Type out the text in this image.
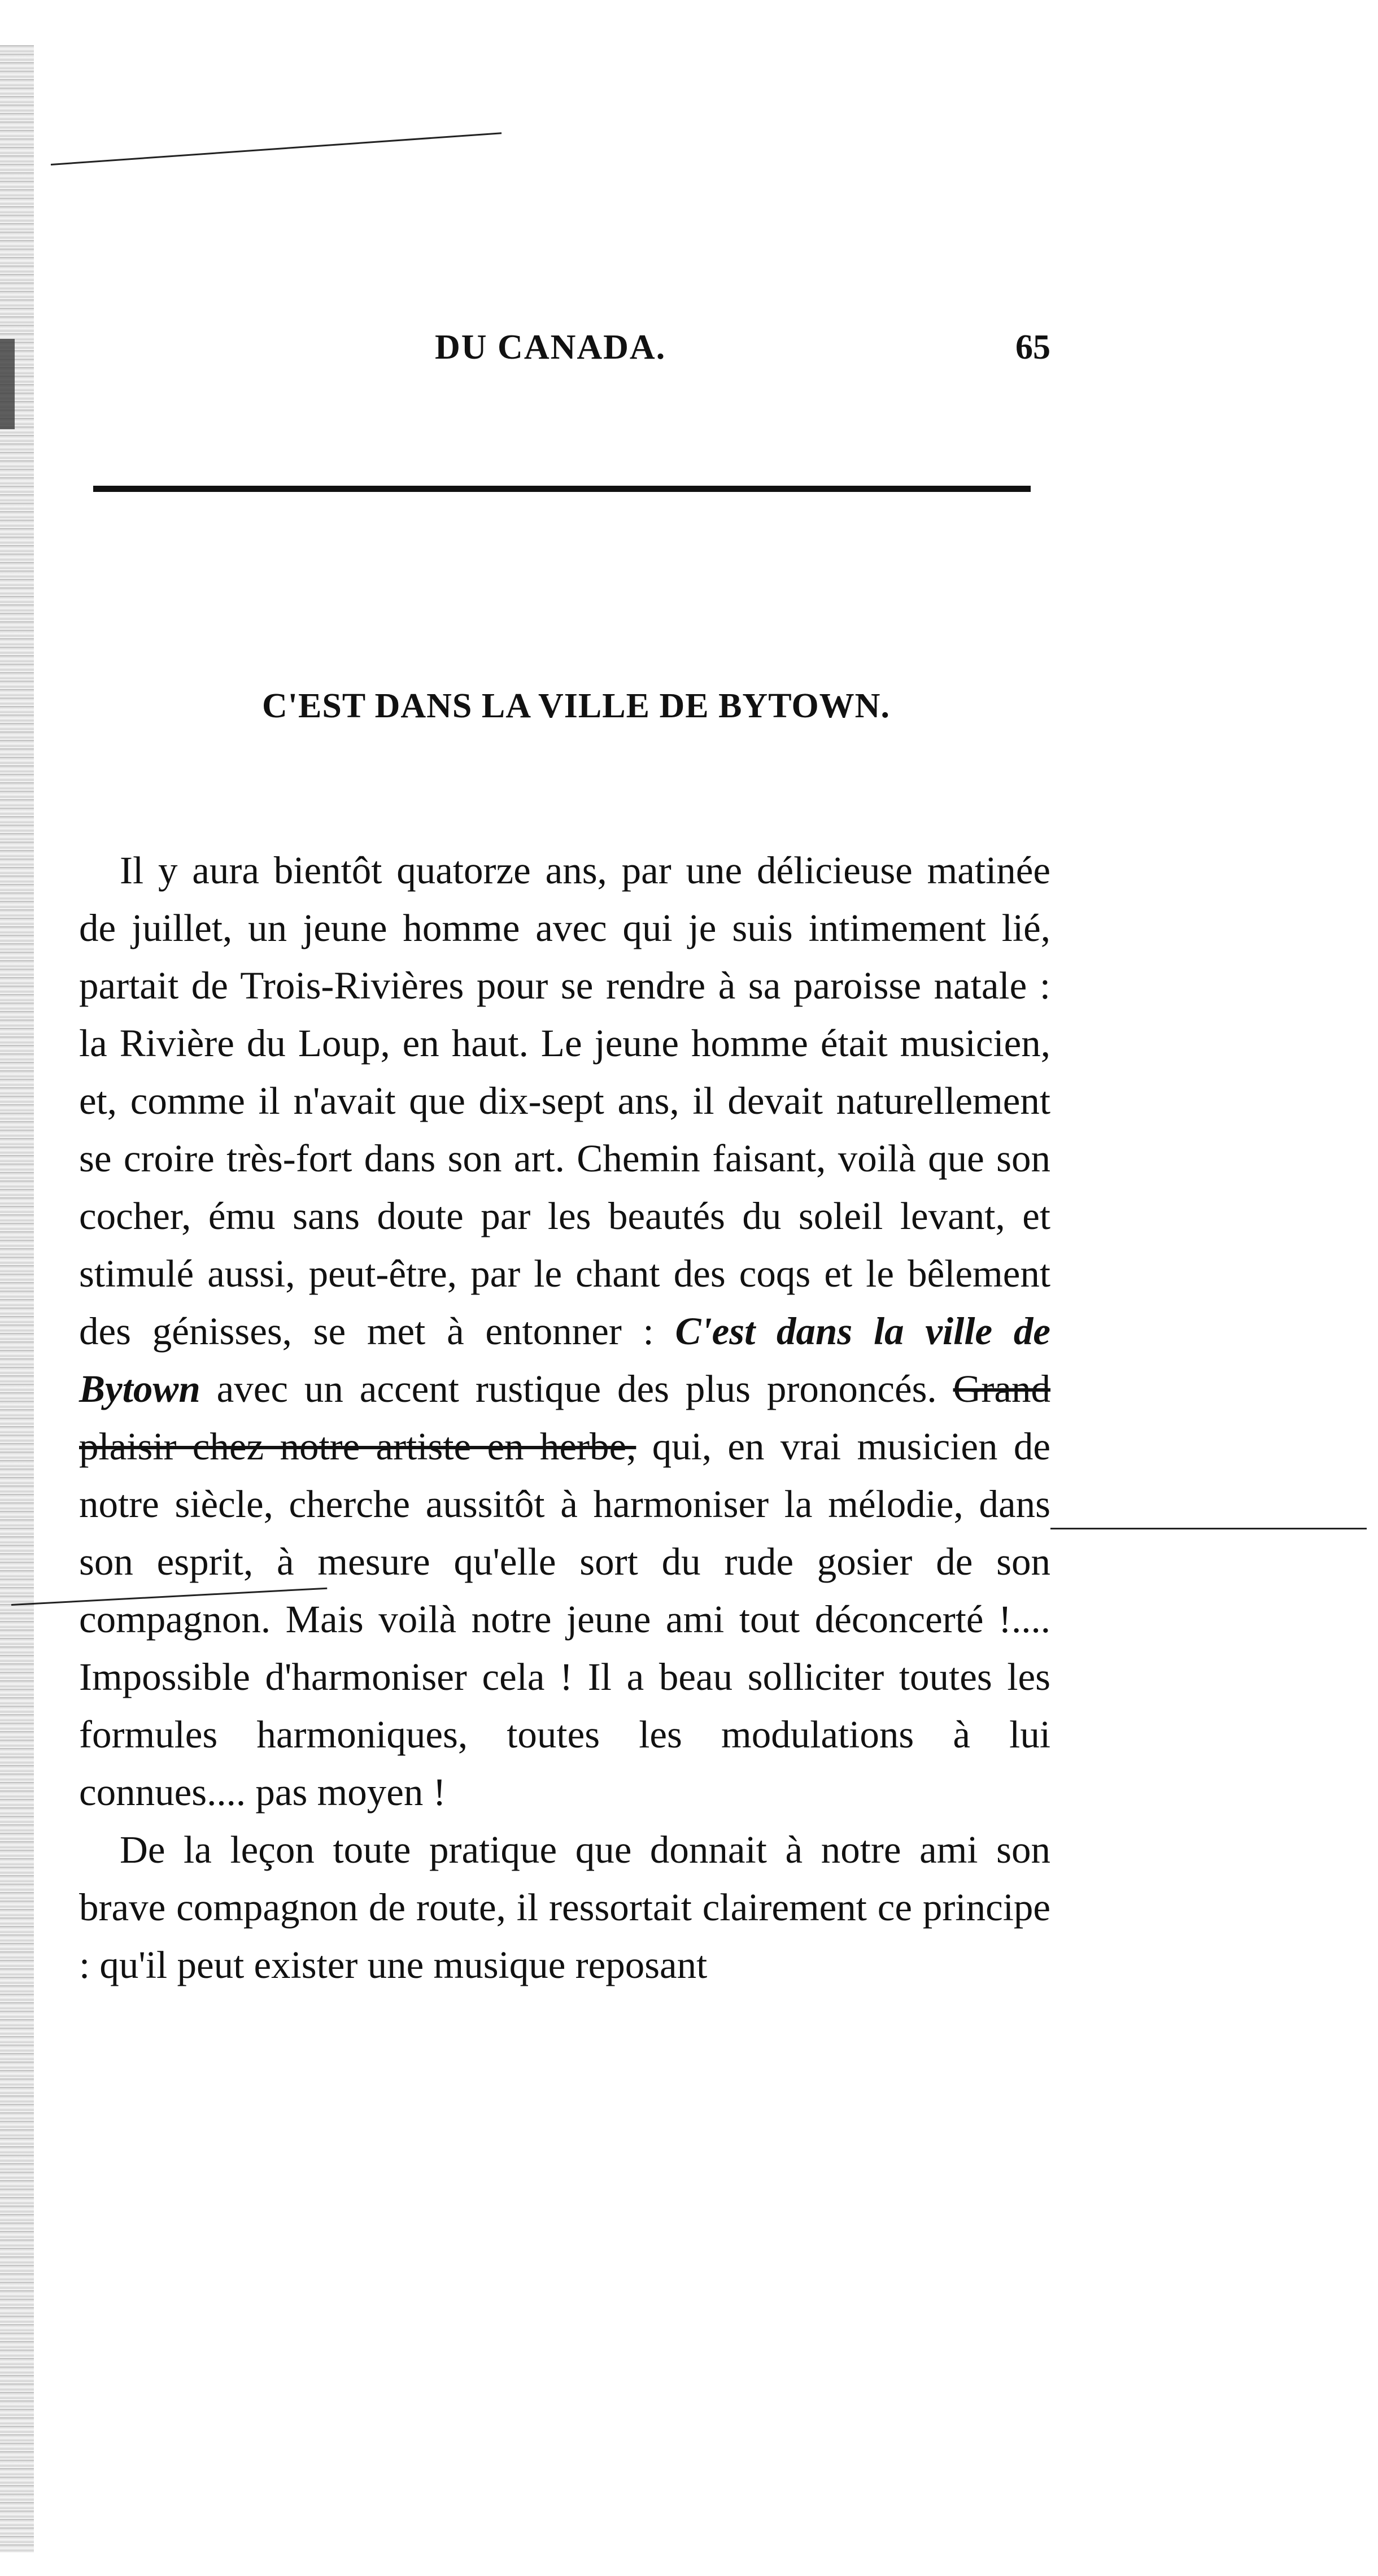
DU CANADA.	65
C'EST DANS LA VILLE DE BYTOWN.

Il y aura bientôt quatorze ans, par une délicieuse matinée de juillet, un jeune homme avec qui je suis intimement lié, partait de Trois-Rivières pour se rendre à sa paroisse natale : la Rivière du Loup, en haut. Le jeune homme était musicien, et, comme il n'avait que dix-sept ans, il devait naturellement se croire très-fort dans son art. Chemin faisant, voilà que son cocher, ému sans doute par les beautés du soleil levant, et stimulé aussi, peut-être, par le chant des coqs et le bêlement des génisses, se met à entonner : C'est dans la ville de Bytown avec un accent rustique des plus prononcés. Grand plaisir chez notre artiste en herbe, qui, en vrai musicien de notre siècle, cherche aussitôt à harmoniser la mélodie, dans son esprit, à mesure qu'elle sort du rude gosier de son compagnon. Mais voilà notre jeune ami tout déconcerté !.... Impossible d'harmoniser cela ! Il a beau solliciter toutes les formules harmoniques, toutes les modulations à lui connues.... pas moyen !

De la leçon toute pratique que donnait à notre ami son brave compagnon de route, il ressortait clairement ce principe : qu'il peut exister une musique reposant
